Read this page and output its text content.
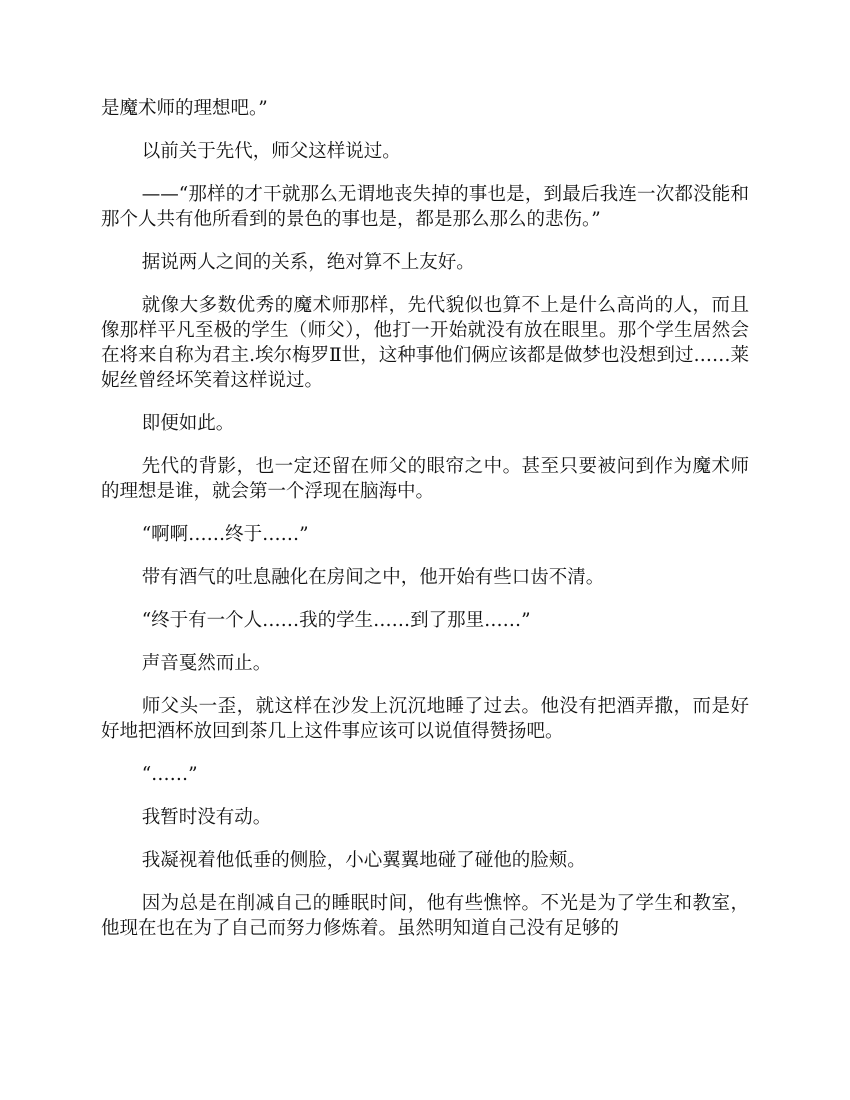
是魔术师的理想吧。”

以前关于先代，师父这样说过。

——“那样的才干就那么无谓地丧失掉的事也是，到最后我连一次都没能和那个人共有他所看到的景色的事也是，都是那么那么的悲伤。”

据说两人之间的关系，绝对算不上友好。

就像大多数优秀的魔术师那样，先代貌似也算不上是什么高尚的人，而且像那样平凡至极的学生（师父），他打一开始就没有放在眼里。那个学生居然会在将来自称为君主.埃尔梅罗Ⅱ世，这种事他们俩应该都是做梦也没想到过……莱妮丝曾经坏笑着这样说过。

即便如此。

先代的背影，也一定还留在师父的眼帘之中。甚至只要被问到作为魔术师的理想是谁，就会第一个浮现在脑海中。

“啊啊……终于……”

带有酒气的吐息融化在房间之中，他开始有些口齿不清。

“终于有一个人……我的学生……到了那里……”

声音戛然而止。

师父头一歪，就这样在沙发上沉沉地睡了过去。他没有把酒弄撒，而是好好地把酒杯放回到茶几上这件事应该可以说值得赞扬吧。

“……”

我暂时没有动。

我凝视着他低垂的侧脸，小心翼翼地碰了碰他的脸颊。

因为总是在削减自己的睡眠时间，他有些憔悴。不光是为了学生和教室，他现在也在为了自己而努力修炼着。虽然明知道自己没有足够的
